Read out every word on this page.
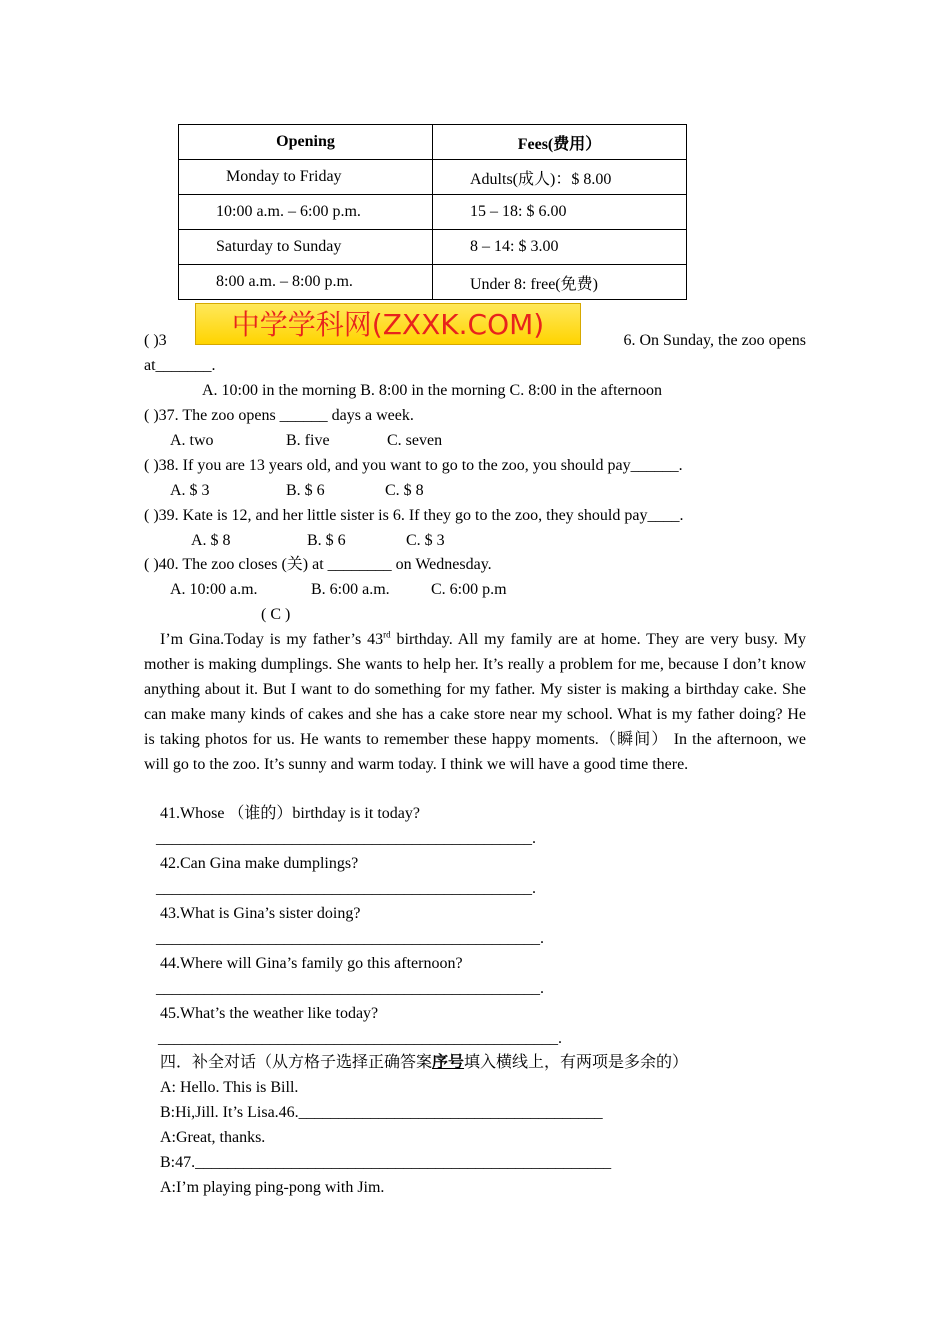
Opening	Fees(费用）
Monday to Friday	Adults(成人)：$ 8.00
10:00 a.m. – 6:00 p.m.	15 – 18: $ 6.00
Saturday to Sunday	8 – 14: $ 3.00
8:00 a.m. – 8:00 p.m.	Under 8: free(免费)
( )3	中学学科网(ZXXK.COM)	6. On Sunday, the zoo opens
at_______.
A. 10:00 in the morning B. 8:00 in the morning C. 8:00 in the afternoon
( )37. The zoo opens ______ days a week.
A. two	B. five	C. seven
( )38. If you are 13 years old, and you want to go to the zoo, you should pay______.
A. $ 3	B. $ 6	C. $ 8
( )39. Kate is 12, and her little sister is 6. If they go to the zoo, they should pay____.
A. $ 8	B. $ 6	C. $ 3
( )40. The zoo closes (关) at ________ on Wednesday.
A. 10:00 a.m.	B. 6:00 a.m.	C. 6:00 p.m
( C )
I’m Gina.Today is my father’s 43rd birthday. All my family are at home. They are very busy. My mother is making dumplings. She wants to help her. It’s really a problem for me, because I don’t know anything about it. But I want to do something for my father. My sister is making a birthday cake. She can make many kinds of cakes and she has a cake store near my school. What is my father doing? He is taking photos for us. He wants to remember these happy moments.（瞬间） In the afternoon, we will go to the zoo. It’s sunny and warm today. I think we will have a good time there.
41.Whose （谁的）birthday is it today?
_______________________________________________.
42.Can Gina make dumplings?
_______________________________________________.
43.What is Gina’s sister doing?
________________________________________________.
44.Where will Gina’s family go this afternoon?
________________________________________________.
45.What’s the weather like today?
__________________________________________________.
四．补全对话（从方格子选择正确答案序号填入横线上，有两项是多余的）
A: Hello. This is Bill.
B:Hi,Jill. It’s Lisa.46.______________________________________
A:Great, thanks.
B:47.____________________________________________________
A:I’m playing ping-pong with Jim.
